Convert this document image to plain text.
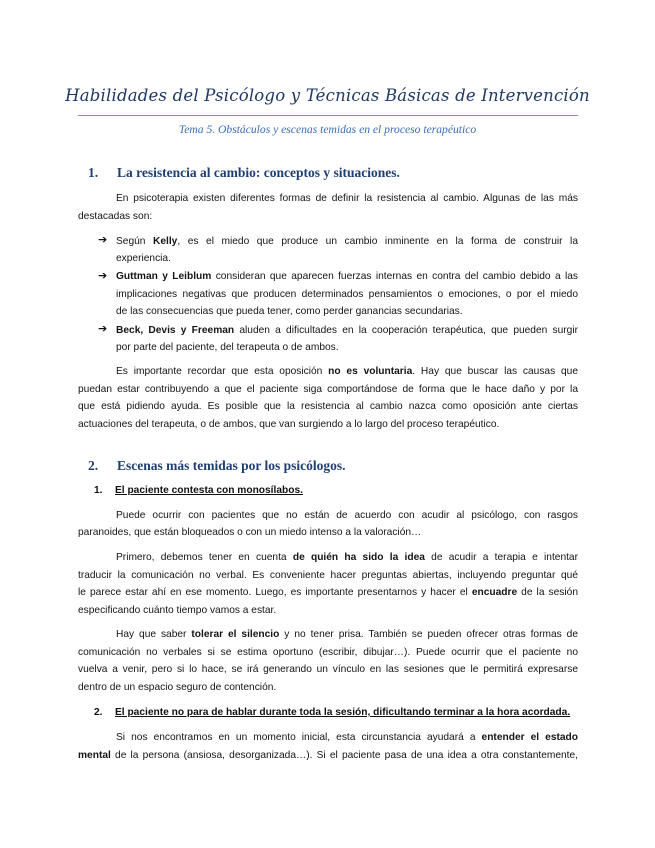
Habilidades del Psicólogo y Técnicas Básicas de Intervención
Tema 5. Obstáculos y escenas temidas en el proceso terapéutico
1. La resistencia al cambio: conceptos y situaciones.
En psicoterapia existen diferentes formas de definir la resistencia al cambio. Algunas de las más
destacadas son:
➔ Según Kelly, es el miedo que produce un cambio inminente en la forma de construir la
experiencia.
➔ Guttman y Leiblum consideran que aparecen fuerzas internas en contra del cambio debido a las
implicaciones negativas que producen determinados pensamientos o emociones, o por el miedo
de las consecuencias que pueda tener, como perder ganancias secundarias.
➔ Beck, Devis y Freeman aluden a dificultades en la cooperación terapéutica, que pueden surgir
por parte del paciente, del terapeuta o de ambos.
Es importante recordar que esta oposición no es voluntaria. Hay que buscar las causas que
puedan estar contribuyendo a que el paciente siga comportándose de forma que le hace daño y por la
que está pidiendo ayuda. Es posible que la resistencia al cambio nazca como oposición ante ciertas
actuaciones del terapeuta, o de ambos, que van surgiendo a lo largo del proceso terapéutico.
2. Escenas más temidas por los psicólogos.
1. El paciente contesta con monosílabos.
Puede ocurrir con pacientes que no están de acuerdo con acudir al psicólogo, con rasgos
paranoides, que están bloqueados o con un miedo intenso a la valoración…
Primero, debemos tener en cuenta de quién ha sido la idea de acudir a terapia e intentar
traducir la comunicación no verbal. Es conveniente hacer preguntas abiertas, incluyendo preguntar qué
le parece estar ahí en ese momento. Luego, es importante presentarnos y hacer el encuadre de la sesión
especificando cuánto tiempo vamos a estar.
Hay que saber tolerar el silencio y no tener prisa. También se pueden ofrecer otras formas de
comunicación no verbales si se estima oportuno (escribir, dibujar…). Puede ocurrir que el paciente no
vuelva a venir, pero si lo hace, se irá generando un vínculo en las sesiones que le permitirá expresarse
dentro de un espacio seguro de contención.
2. El paciente no para de hablar durante toda la sesión, dificultando terminar a la hora acordada.
Si nos encontramos en un momento inicial, esta circunstancia ayudará a entender el estado
mental de la persona (ansiosa, desorganizada…). Si el paciente pasa de una idea a otra constantemente,
